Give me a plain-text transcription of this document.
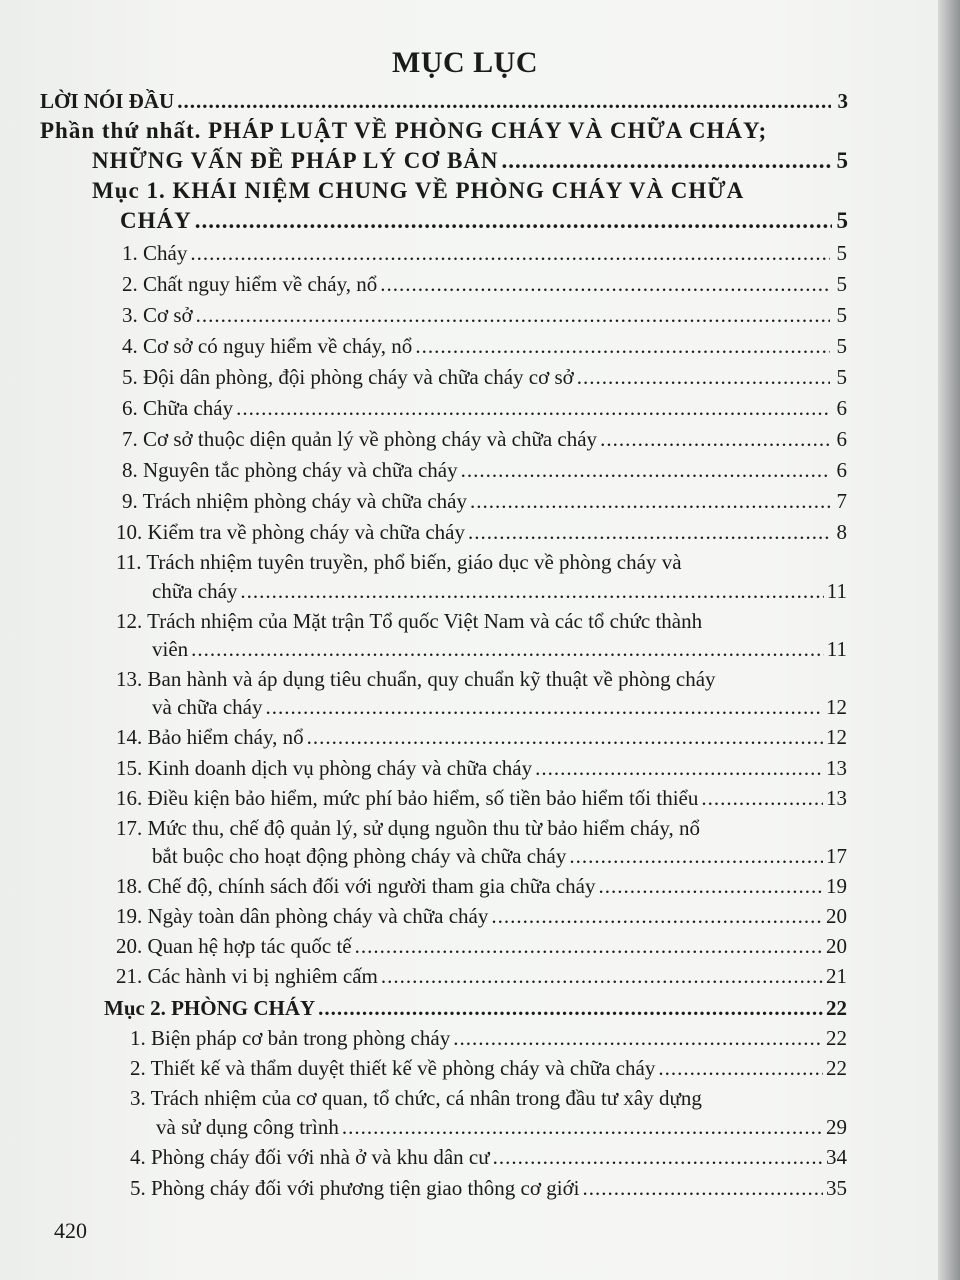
MỤC LỤC
LỜI NÓI ĐẦU .....	3
Phần thứ nhất. PHÁP LUẬT VỀ PHÒNG CHÁY VÀ CHỮA CHÁY;
NHỮNG VẤN ĐỀ PHÁP LÝ CƠ BẢN .....	5
Mục 1. KHÁI NIỆM CHUNG VỀ PHÒNG CHÁY VÀ CHỮA
CHÁY .....	5
1. Cháy .....	5
2. Chất nguy hiểm về cháy, nổ .....	5
3. Cơ sở .....	5
4. Cơ sở có nguy hiểm về cháy, nổ .....	5
5. Đội dân phòng, đội phòng cháy và chữa cháy cơ sở .....	5
6. Chữa cháy .....	6
7. Cơ sở thuộc diện quản lý về phòng cháy và chữa cháy .....	6
8. Nguyên tắc phòng cháy và chữa cháy .....	6
9. Trách nhiệm phòng cháy và chữa cháy .....	7
10. Kiểm tra về phòng cháy và chữa cháy .....	8
11. Trách nhiệm tuyên truyền, phổ biến, giáo dục về phòng cháy và
chữa cháy .....	11
12. Trách nhiệm của Mặt trận Tổ quốc Việt Nam và các tổ chức thành
viên .....	11
13. Ban hành và áp dụng tiêu chuẩn, quy chuẩn kỹ thuật về phòng cháy
và chữa cháy .....	12
14. Bảo hiểm cháy, nổ .....	12
15. Kinh doanh dịch vụ phòng cháy và chữa cháy .....	13
16. Điều kiện bảo hiểm, mức phí bảo hiểm, số tiền bảo hiểm tối thiểu .....	13
17. Mức thu, chế độ quản lý, sử dụng nguồn thu từ bảo hiểm cháy, nổ
bắt buộc cho hoạt động phòng cháy và chữa cháy .....	17
18. Chế độ, chính sách đối với người tham gia chữa cháy .....	19
19. Ngày toàn dân phòng cháy và chữa cháy .....	20
20. Quan hệ hợp tác quốc tế .....	20
21. Các hành vi bị nghiêm cấm .....	21
Mục 2. PHÒNG CHÁY .....	22
1. Biện pháp cơ bản trong phòng cháy .....	22
2. Thiết kế và thẩm duyệt thiết kế về phòng cháy và chữa cháy .....	22
3. Trách nhiệm của cơ quan, tổ chức, cá nhân trong đầu tư xây dựng
và sử dụng công trình .....	29
4. Phòng cháy đối với nhà ở và khu dân cư .....	34
5. Phòng cháy đối với phương tiện giao thông cơ giới .....	35
420
